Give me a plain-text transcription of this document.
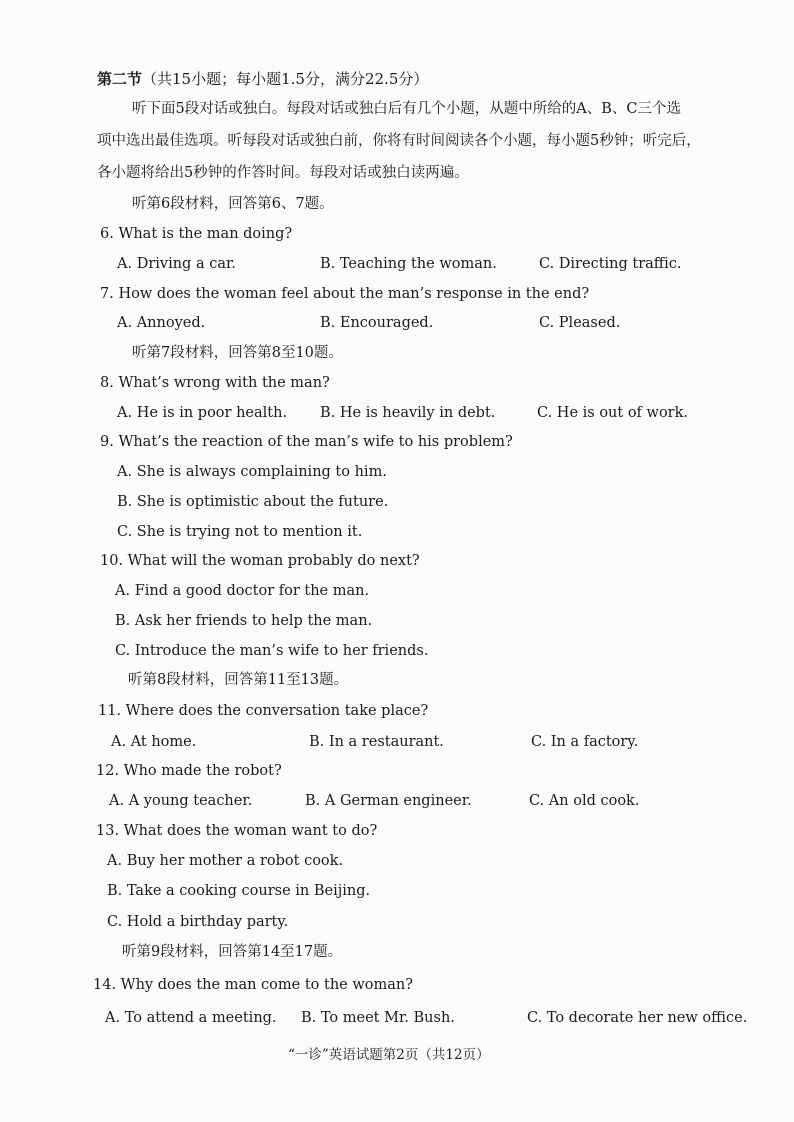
第二节（共15小题；每小题1.5分，满分22.5分）
听下面5段对话或独白。每段对话或独白后有几个小题，从题中所给的A、B、C三个选
项中选出最佳选项。听每段对话或独白前，你将有时间阅读各个小题，每小题5秒钟；听完后，
各小题将给出5秒钟的作答时间。每段对话或独白读两遍。
听第6段材料，回答第6、7题。
6. What is the man doing?
A. Driving a car.	B. Teaching the woman.	C. Directing traffic.
7. How does the woman feel about the man’s response in the end?
A. Annoyed.	B. Encouraged.	C. Pleased.
听第7段材料，回答第8至10题。
8. What’s wrong with the man?
A. He is in poor health. B. He is heavily in debt.	C. He is out of work.
9. What’s the reaction of the man’s wife to his problem?
A. She is always complaining to him.
B. She is optimistic about the future.
C. She is trying not to mention it.
10. What will the woman probably do next?
A. Find a good doctor for the man.
B. Ask her friends to help the man.
C. Introduce the man’s wife to her friends.
听第8段材料，回答第11至13题。
11. Where does the conversation take place?
A. At home.	B. In a restaurant.	C. In a factory.
12. Who made the robot?
A. A young teacher.	B. A German engineer.	C. An old cook.
13. What does the woman want to do?
A. Buy her mother a robot cook.
B. Take a cooking course in Beijing.
C. Hold a birthday party.
听第9段材料，回答第14至17题。
14. Why does the man come to the woman?
A. To attend a meeting. B. To meet Mr. Bush.	C. To decorate her new office.
“一诊”英语试题第2页（共12页）
